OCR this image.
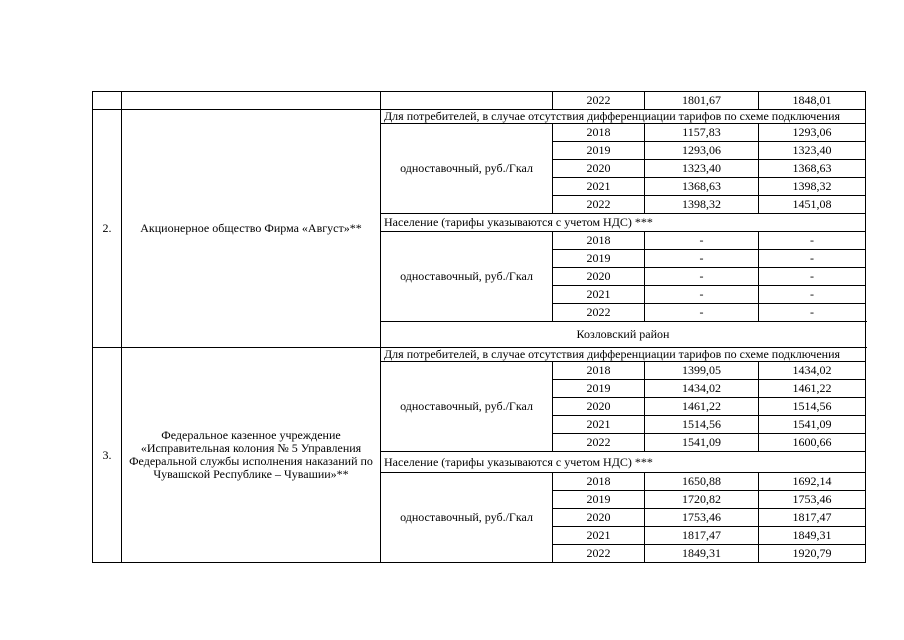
			2022	1801,67	1848,01
2.	Акционерное общество Фирма «Август»**	Для потребителей, в случае отсутствия дифференциации тарифов по схеме подключения			
		одноставочный, руб./Гкал	2018	1157,83	1293,06
			2019	1293,06	1323,40
			2020	1323,40	1368,63
			2021	1368,63	1398,32
			2022	1398,32	1451,08
		Население (тарифы указываются с учетом НДС) ***			
		одноставочный, руб./Гкал	2018	-	-
			2019	-	-
			2020	-	-
			2021	-	-
			2022	-	-
		Козловский район			
3.	Федеральное казенное учреждение «Исправительная колония № 5 Управления Федеральной службы исполнения наказаний по Чувашской Республике – Чувашии»**	Для потребителей, в случае отсутствия дифференциации тарифов по схеме подключения			
		одноставочный, руб./Гкал	2018	1399,05	1434,02
			2019	1434,02	1461,22
			2020	1461,22	1514,56
			2021	1514,56	1541,09
			2022	1541,09	1600,66
		Население (тарифы указываются с учетом НДС) ***			
		одноставочный, руб./Гкал	2018	1650,88	1692,14
			2019	1720,82	1753,46
			2020	1753,46	1817,47
			2021	1817,47	1849,31
			2022	1849,31	1920,79
